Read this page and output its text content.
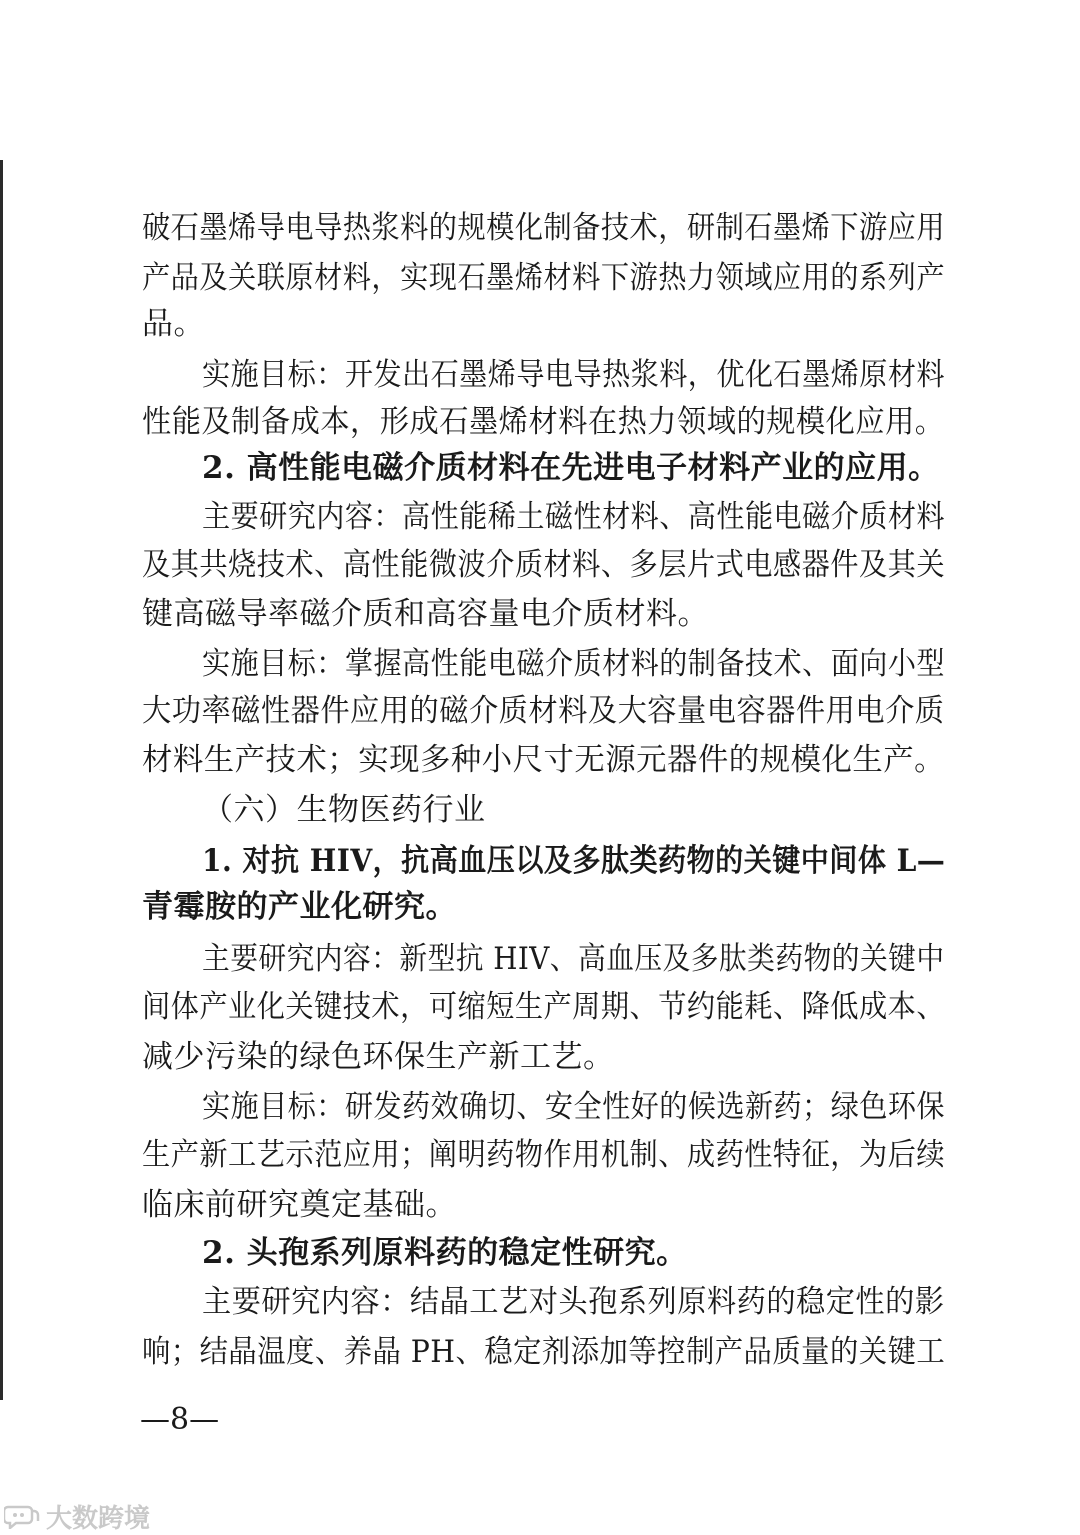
破石墨烯导电导热浆料的规模化制备技术，研制石墨烯下游应用
产品及关联原材料，实现石墨烯材料下游热力领域应用的系列产
品。
实施目标：开发出石墨烯导电导热浆料，优化石墨烯原材料
性能及制备成本，形成石墨烯材料在热力领域的规模化应用。
2. 高性能电磁介质材料在先进电子材料产业的应用。
主要研究内容：高性能稀土磁性材料、高性能电磁介质材料
及其共烧技术、高性能微波介质材料、多层片式电感器件及其关
键高磁导率磁介质和高容量电介质材料。
实施目标：掌握高性能电磁介质材料的制备技术、面向小型
大功率磁性器件应用的磁介质材料及大容量电容器件用电介质
材料生产技术；实现多种小尺寸无源元器件的规模化生产。
（六）生物医药行业
1. 对抗 HIV，抗高血压以及多肽类药物的关键中间体 L—
青霉胺的产业化研究。
主要研究内容：新型抗 HIV、高血压及多肽类药物的关键中
间体产业化关键技术，可缩短生产周期、节约能耗、降低成本、
减少污染的绿色环保生产新工艺。
实施目标：研发药效确切、安全性好的候选新药；绿色环保
生产新工艺示范应用；阐明药物作用机制、成药性特征，为后续
临床前研究奠定基础。
2. 头孢系列原料药的稳定性研究。
主要研究内容：结晶工艺对头孢系列原料药的稳定性的影
响；结晶温度、养晶 PH、稳定剂添加等控制产品质量的关键工
—8—
大数跨境
